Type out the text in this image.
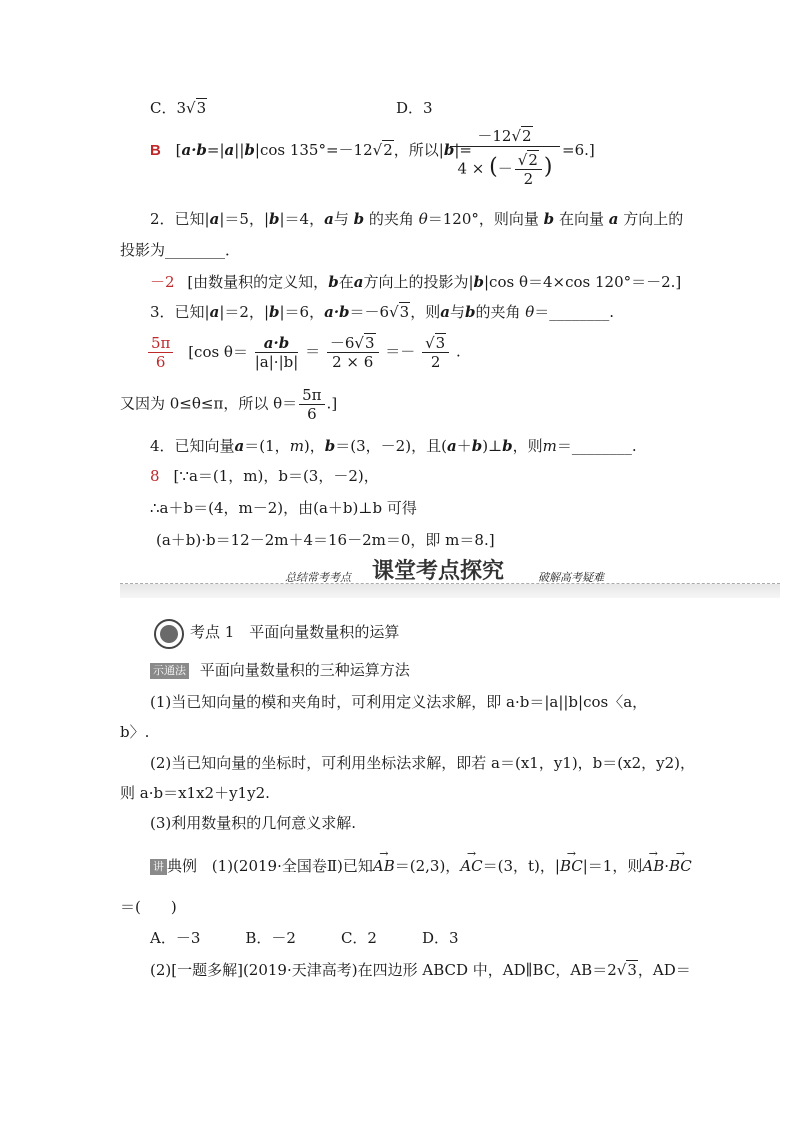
C．3√3	D．3
B [a·b=|a||b|cos 135°=－12√2，所以|b|=
－12√2
4 × (－ $\frac{√2}{2}$ )
=6.]
2．已知|a|＝5，|b|＝4，a与 b 的夹角 θ＝120°，则向量 b 在向量 a 方向上的
投影为________．
－2 [由数量积的定义知，b在a方向上的投影为|b|cos θ＝4×cos 120°＝－2.]
3．已知|a|＝2，|b|＝6，a·b＝－6√3，则a与b的夹角 θ＝________.
$\frac{5\pi}{6} [\cos$ $\theta= \frac{a\cdot b}{|a|\cdot|b|} = \frac{-6√3}{2 \times 6} =- \frac{√3}{2}$ .
又因为 0≤θ≤π，所以 $\theta= \frac{5\pi}{6}$ .]
4．已知向量a＝(1，m)，b＝(3，－2)，且(a＋b)⊥b，则m＝________.
8 [∵a＝(1，m)，b＝(3，－2)，
∴a＋b＝(4，m－2)，由(a＋b)⊥b 可得
(a＋b)·b＝12－2m＋4＝16－2m＝0，即 m＝8.]
总结常考考点 课堂考点探究	破解高考疑难
考点 1　平面向量数量积的运算
示通法 平面向量数量积的三种运算方法
(1)当已知向量的模和夹角时，可利用定义法求解，即 a·b＝|a||b|cos〈a，
b〉.
(2)当已知向量的坐标时，可利用坐标法求解，即若 a＝(x1，y1)，b＝(x2，y2)，
则 a·b＝x1x2＋y1y2.
(3)利用数量积的几何意义求解.
讲 典例 (1)(2019·全国卷Ⅱ)已知→ AB＝(2,3)，→ AC＝(3，t)，|→ BC|＝1，则→ AB·→ BC
＝(　　)
A．－3　　　B．－2　　　C．2　　　D．3
(2)[一题多解](2019·天津高考)在四边形 ABCD 中，AD∥BC，AB＝2√3，AD＝
